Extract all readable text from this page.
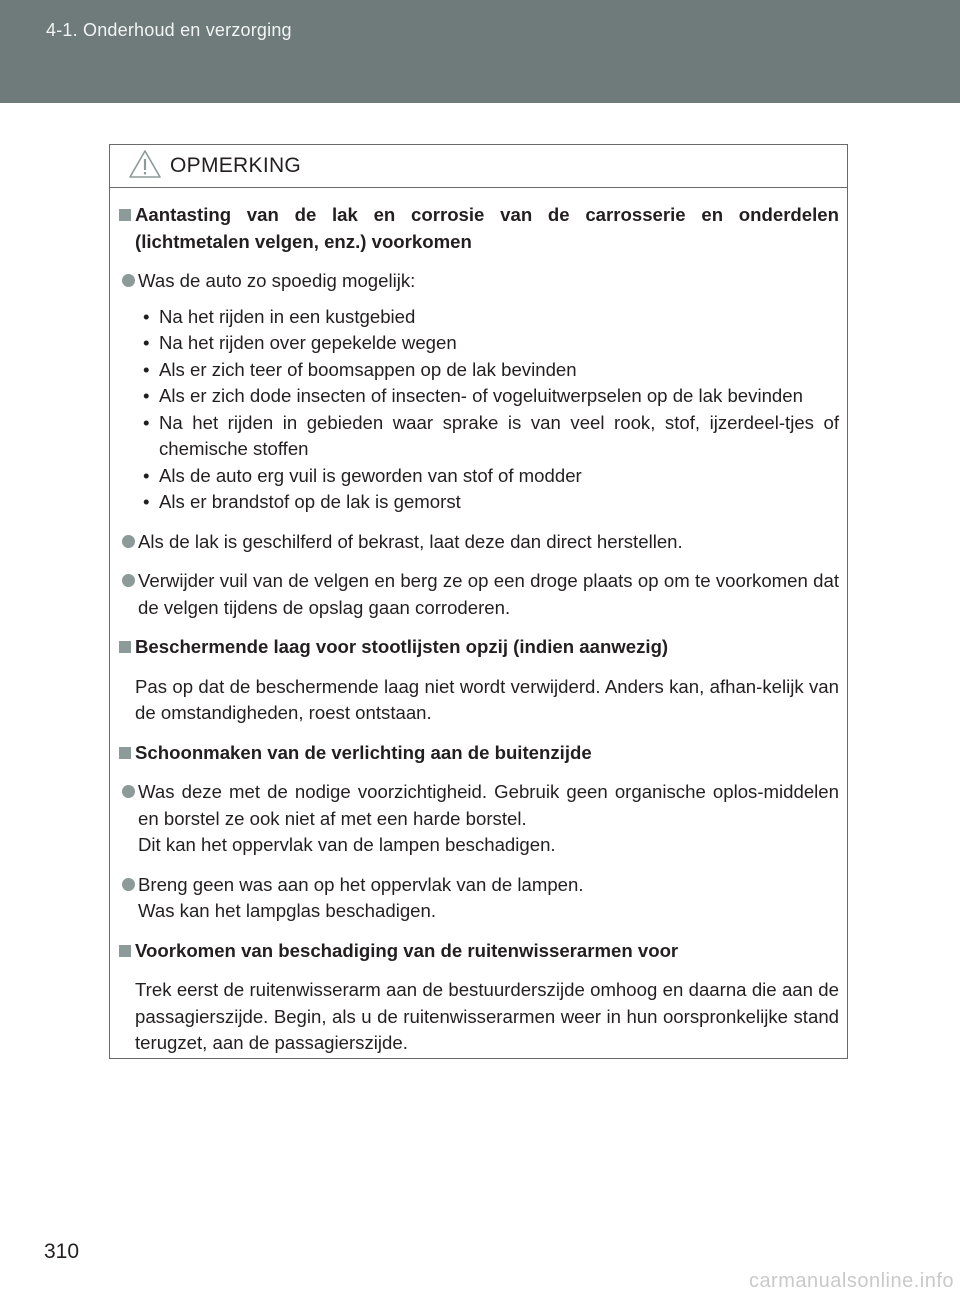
4-1. Onderhoud en verzorging
OPMERKING
Aantasting van de lak en corrosie van de carrosserie en onderdelen (lichtmetalen velgen, enz.) voorkomen
Was de auto zo spoedig mogelijk:
• Na het rijden in een kustgebied
• Na het rijden over gepekelde wegen
• Als er zich teer of boomsappen op de lak bevinden
• Als er zich dode insecten of insecten- of vogeluitwerpselen op de lak bevinden
• Na het rijden in gebieden waar sprake is van veel rook, stof, ijzerdeel-tjes of chemische stoffen
• Als de auto erg vuil is geworden van stof of modder
• Als er brandstof op de lak is gemorst
Als de lak is geschilferd of bekrast, laat deze dan direct herstellen.
Verwijder vuil van de velgen en berg ze op een droge plaats op om te voorkomen dat de velgen tijdens de opslag gaan corroderen.
Beschermende laag voor stootlijsten opzij (indien aanwezig)
Pas op dat de beschermende laag niet wordt verwijderd. Anders kan, afhan-kelijk van de omstandigheden, roest ontstaan.
Schoonmaken van de verlichting aan de buitenzijde
Was deze met de nodige voorzichtigheid. Gebruik geen organische oplos-middelen en borstel ze ook niet af met een harde borstel.
Dit kan het oppervlak van de lampen beschadigen.
Breng geen was aan op het oppervlak van de lampen.
Was kan het lampglas beschadigen.
Voorkomen van beschadiging van de ruitenwisserarmen voor
Trek eerst de ruitenwisserarm aan de bestuurderszijde omhoog en daarna die aan de passagierszijde. Begin, als u de ruitenwisserarmen weer in hun oorspronkelijke stand terugzet, aan de passagierszijde.
310
carmanualsonline.info
